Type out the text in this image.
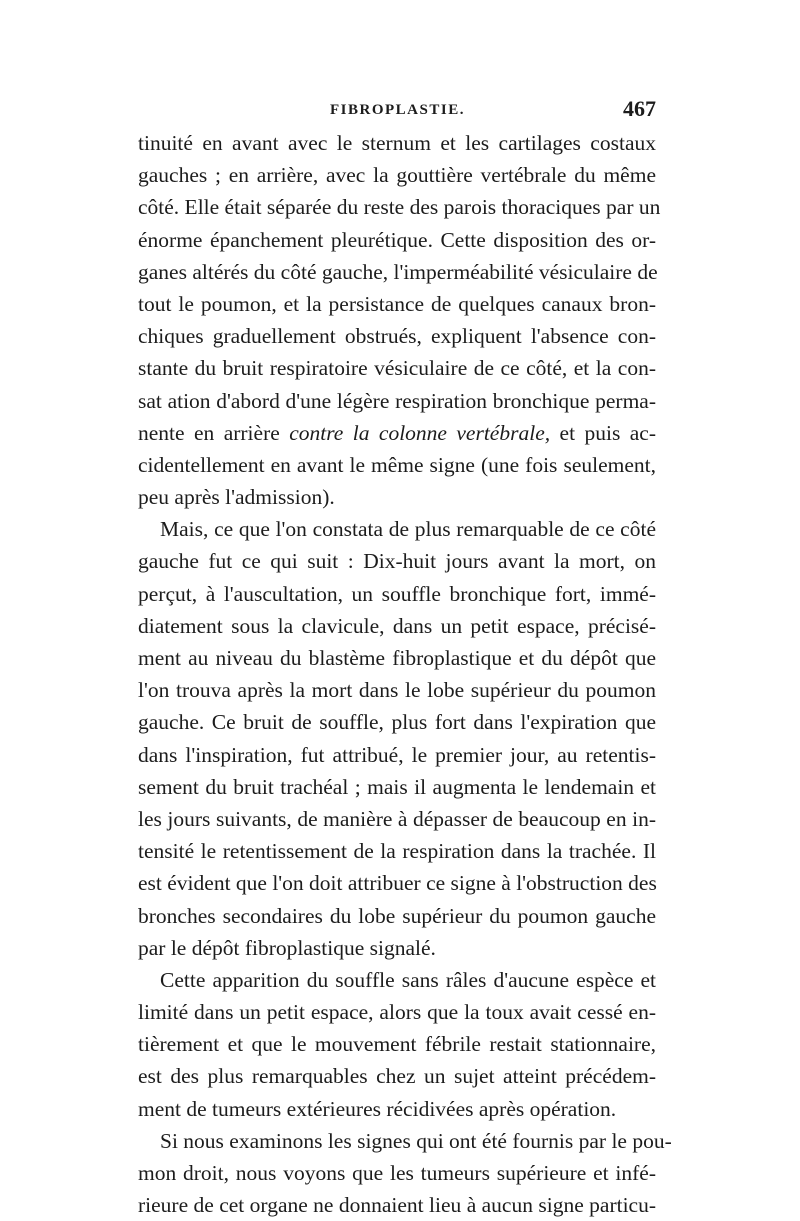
FIBROPLASTIE.	467
tinuité en avant avec le sternum et les cartilages costaux
gauches ; en arrière, avec la gouttière vertébrale du même
côté. Elle était séparée du reste des parois thoraciques par un
énorme épanchement pleurétique. Cette disposition des or-
ganes altérés du côté gauche, l'imperméabilité vésiculaire de
tout le poumon, et la persistance de quelques canaux bron-
chiques graduellement obstrués, expliquent l'absence con-
stante du bruit respiratoire vésiculaire de ce côté, et la con-
sat ation d'abord d'une légère respiration bronchique perma-
nente en arrière contre la colonne vertébrale, et puis ac-
cidentellement en avant le même signe (une fois seulement,
peu après l'admission).
Mais, ce que l'on constata de plus remarquable de ce côté
gauche fut ce qui suit : Dix-huit jours avant la mort, on
perçut, à l'auscultation, un souffle bronchique fort, immé-
diatement sous la clavicule, dans un petit espace, précisé-
ment au niveau du blastème fibroplastique et du dépôt que
l'on trouva après la mort dans le lobe supérieur du poumon
gauche. Ce bruit de souffle, plus fort dans l'expiration que
dans l'inspiration, fut attribué, le premier jour, au retentis-
sement du bruit trachéal ; mais il augmenta le lendemain et
les jours suivants, de manière à dépasser de beaucoup en in-
tensité le retentissement de la respiration dans la trachée. Il
est évident que l'on doit attribuer ce signe à l'obstruction des
bronches secondaires du lobe supérieur du poumon gauche
par le dépôt fibroplastique signalé.
Cette apparition du souffle sans râles d'aucune espèce et
limité dans un petit espace, alors que la toux avait cessé en-
tièrement et que le mouvement fébrile restait stationnaire,
est des plus remarquables chez un sujet atteint précédem-
ment de tumeurs extérieures récidivées après opération.
Si nous examinons les signes qui ont été fournis par le pou-
mon droit, nous voyons que les tumeurs supérieure et infé-
rieure de cet organe ne donnaient lieu à aucun signe particu-
